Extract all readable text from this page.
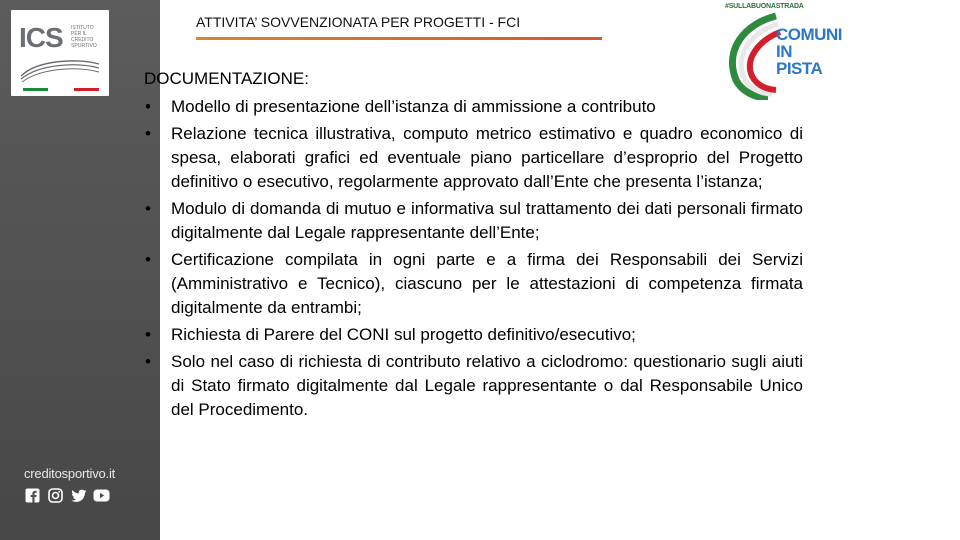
ICS ISTITUTO PER IL CREDITO SPORTIVO
creditosportivo.it
ATTIVITA’ SOVVENZIONATA PER PROGETTI - FCI
#SULLABUONASTRADA
COMUNI
IN PISTA
DOCUMENTAZIONE:
• Modello di presentazione dell’istanza di ammissione a contributo
• Relazione tecnica illustrativa, computo metrico estimativo e quadro economico di spesa, elaborati grafici ed eventuale piano particellare d’esproprio del Progetto definitivo o esecutivo, regolarmente approvato dall’Ente che presenta l’istanza;
• Modulo di domanda di mutuo e informativa sul trattamento dei dati personali firmato digitalmente dal Legale rappresentante dell’Ente;
• Certificazione compilata in ogni parte e a firma dei Responsabili dei Servizi (Amministrativo e Tecnico), ciascuno per le attestazioni di competenza firmata digitalmente da entrambi;
• Richiesta di Parere del CONI sul progetto definitivo/esecutivo;
• Solo nel caso di richiesta di contributo relativo a ciclodromo: questionario sugli aiuti di Stato firmato digitalmente dal Legale rappresentante o dal Responsabile Unico del Procedimento.
